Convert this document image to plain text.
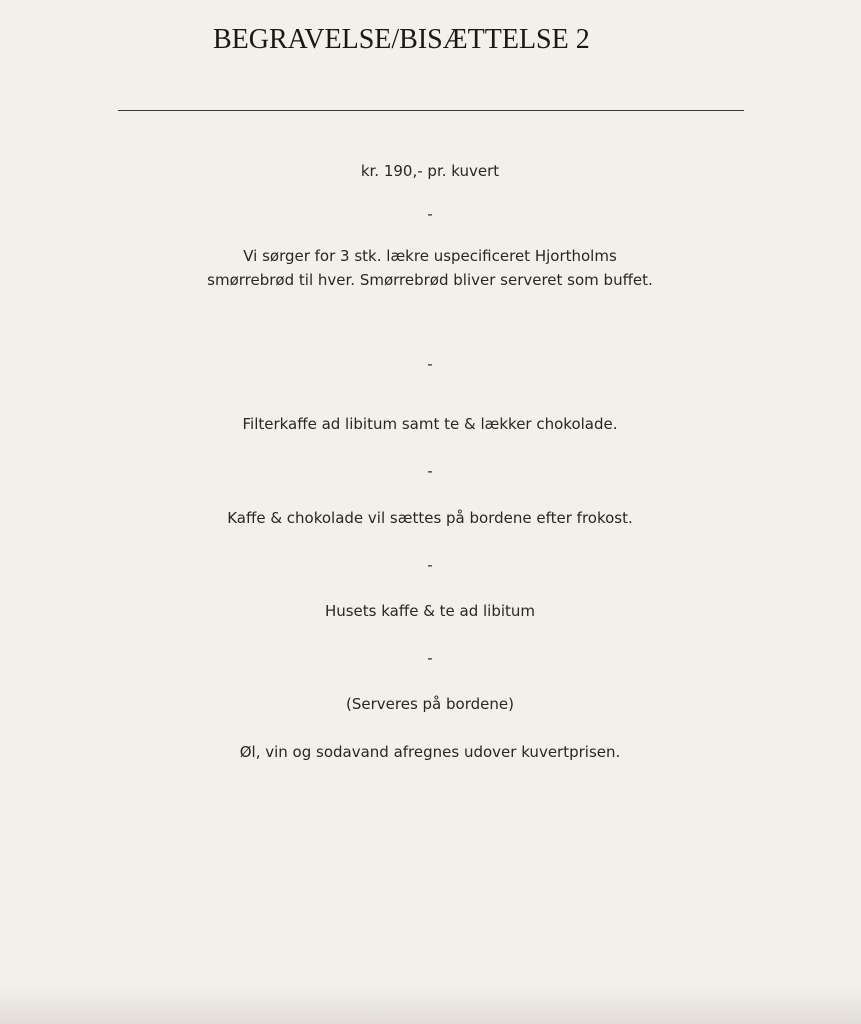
BEGRAVELSE/BISÆTTELSE 2

kr. 190,- pr. kuvert

-

Vi sørger for 3 stk. lækre uspecificeret Hjortholms smørrebrød til hver. Smørrebrød bliver serveret som buffet.

-

Filterkaffe ad libitum samt te & lækker chokolade.

-

Kaffe & chokolade vil sættes på bordene efter frokost.

-

Husets kaffe & te ad libitum

-

(Serveres på bordene)

Øl, vin og sodavand afregnes udover kuvertprisen.
